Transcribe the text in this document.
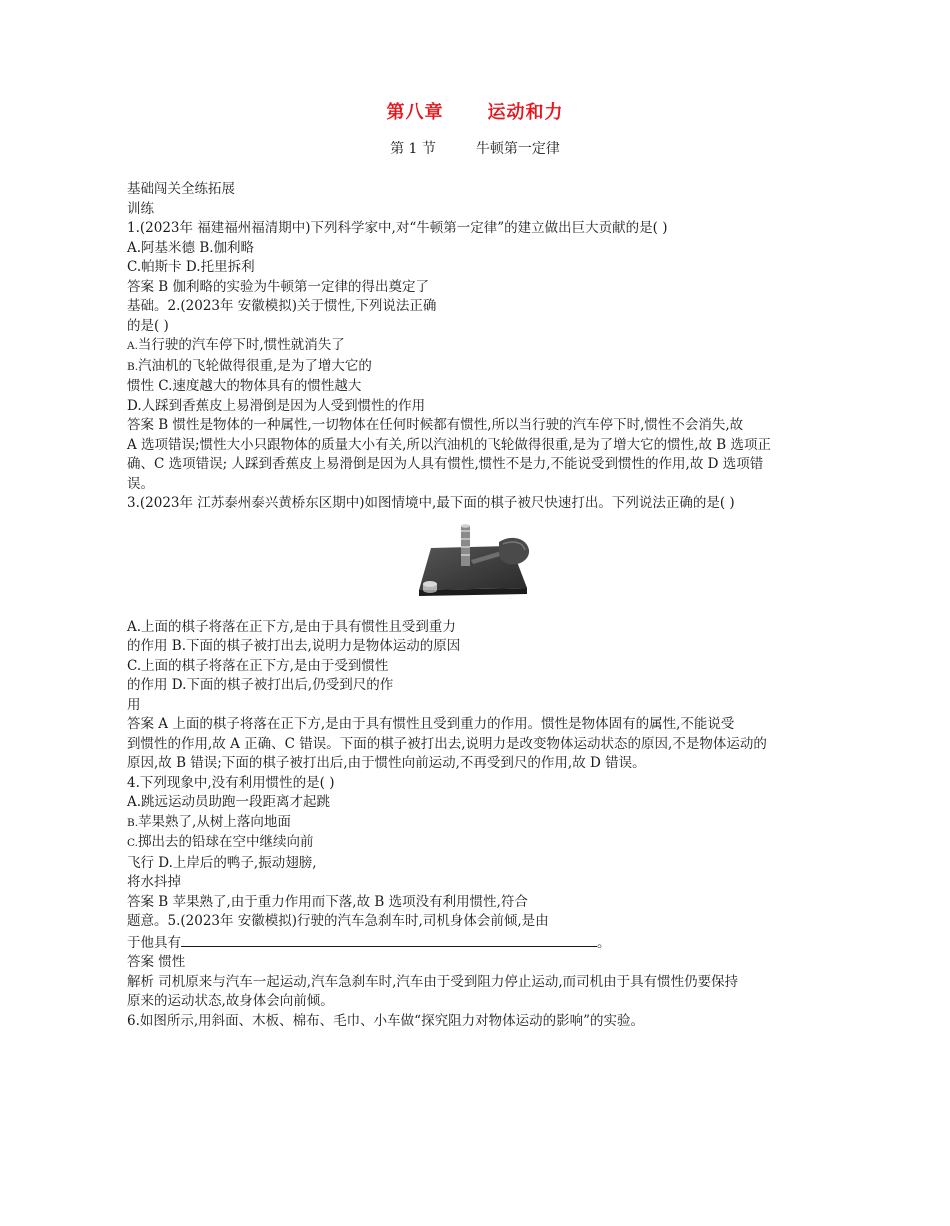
第八章 运动和力
第 1 节	牛顿第一定律
基础闯关全练拓展
训练
1.(2023年 福建福州福清期中)下列科学家中,对“牛顿第一定律”的建立做出巨大贡献的是( )
A.阿基米德 B.伽利略
C.帕斯卡 D.托里拆利
答案 B 伽利略的实验为牛顿第一定律的得出奠定了
基础。2.(2023年 安徽模拟)关于惯性,下列说法正确
的是( )
A.当行驶的汽车停下时,惯性就消失了
B.汽油机的飞轮做得很重,是为了增大它的
惯性 C.速度越大的物体具有的惯性越大
D.人踩到香蕉皮上易滑倒是因为人受到惯性的作用
答案 B 惯性是物体的一种属性,一切物体在任何时候都有惯性,所以当行驶的汽车停下时,惯性不会消失,故
A 选项错误;惯性大小只跟物体的质量大小有关,所以汽油机的飞轮做得很重,是为了增大它的惯性,故 B 选项正
确、C 选项错误; 人踩到香蕉皮上易滑倒是因为人具有惯性,惯性不是力,不能说受到惯性的作用,故 D 选项错
误。
3.(2023年 江苏泰州泰兴黄桥东区期中)如图情境中,最下面的棋子被尺快速打出。下列说法正确的是( )
A.上面的棋子将落在正下方,是由于具有惯性且受到重力
的作用 B.下面的棋子被打出去,说明力是物体运动的原因
C.上面的棋子将落在正下方,是由于受到惯性
的作用 D.下面的棋子被打出后,仍受到尺的作
用
答案 A 上面的棋子将落在正下方,是由于具有惯性且受到重力的作用。惯性是物体固有的属性,不能说受
到惯性的作用,故 A 正确、C 错误。下面的棋子被打出去,说明力是改变物体运动状态的原因,不是物体运动的
原因,故 B 错误;下面的棋子被打出后,由于惯性向前运动,不再受到尺的作用,故 D 错误。
4.下列现象中,没有利用惯性的是( )
A.跳远运动员助跑一段距离才起跳
B.苹果熟了,从树上落向地面
C.掷出去的铅球在空中继续向前
飞行 D.上岸后的鸭子,振动翅膀,
将水抖掉
答案 B 苹果熟了,由于重力作用而下落,故 B 选项没有利用惯性,符合
题意。5.(2023年 安徽模拟)行驶的汽车急刹车时,司机身体会前倾,是由
于他具有	。
答案 惯性
解析 司机原来与汽车一起运动,汽车急刹车时,汽车由于受到阻力停止运动,而司机由于具有惯性仍要保持
原来的运动状态,故身体会向前倾。
6.如图所示,用斜面、木板、棉布、毛巾、小车做“探究阻力对物体运动的影响”的实验。
